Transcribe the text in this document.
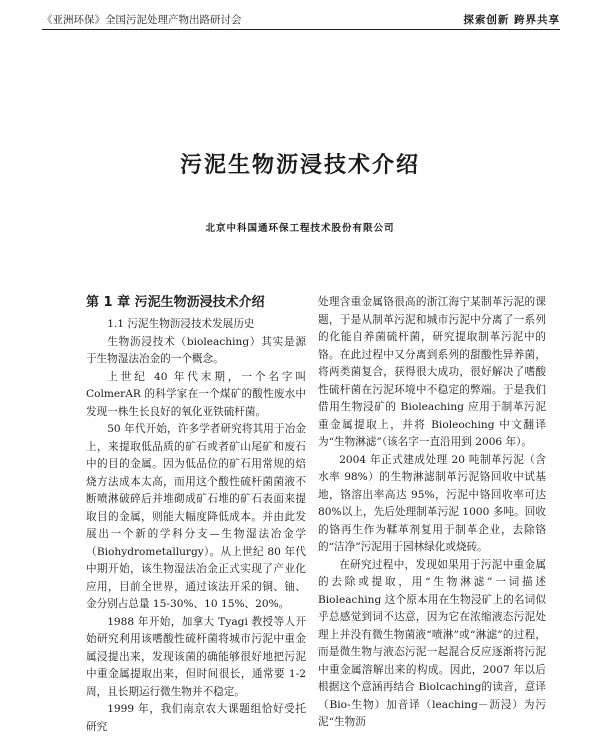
《亚洲环保》全国污泥处理产物出路研讨会	探索创新 跨界共享
污泥生物沥浸技术介绍
北京中科国通环保工程技术股份有限公司
第 1 章 污泥生物沥浸技术介绍
1.1 污泥生物沥浸技术发展历史

生物沥浸技术（bioleaching）其实是源于生物湿法冶金的一个概念。

上世纪 40 年代末期，一个名字叫 ColmerAR 的科学家在一个煤矿的酸性废水中发现一株生长良好的氧化亚铁硫杆菌。

50 年代开始，许多学者研究将其用于冶金上，来提取低品质的矿石或者矿山尾矿和废石中的目的金属。因为低品位的矿石用常规的焙烧方法成本太高，而用这个酸性硫杆菌菌液不断喷淋破碎后并堆砌成矿石堆的矿石表面来提取目的金属，则能大幅度降低成本。并由此发展出一个新的学科分支—生物湿法冶金学（Biohydrometallurgy）。从上世纪 80 年代中期开始，该生物湿法冶金正式实现了产业化应用，目前全世界，通过该法开采的铜、铀、金分别占总量 15-30%、10 15%、20%。

1988 年开始，加拿大 Tyagi 教授等人开始研究利用该嗜酸性硫杆菌将城市污泥中重金属浸提出来，发现该菌的确能够很好地把污泥中重金属提取出来，但时间很长，通常要 1-2 周，且长期运行微生物并不稳定。

1999 年，我们南京农大课题组恰好受托研究

处理含重金属铬很高的浙江海宁某制革污泥的课题，于是从制革污泥和城市污泥中分离了一系列的化能自养菌硫杆菌，研究提取制革污泥中的铬。在此过程中又分离到系列的甜酸性异养菌，将两类菌复合，获得很大成功，很好解决了嗜酸性硫杆菌在污泥环境中不稳定的弊端。于是我们借用生物浸矿的 Bioleaching 应用于制革污泥重金属提取上，并将 Bioleoching 中文翻译为“生物淋滤”（该名字一直沿用到 2006 年）。

2004 年正式建成处理 20 吨制革污泥（含水率 98%）的生物淋滤制革污泥铬回收中试基地，铬溶出率高达 95%，污泥中铬回收率可达 80%以上，先后处理制革污泥 1000 多吨。回收的铬再生作为鞣革剂复用于制革企业，去除铬的“洁净”污泥用于园林绿化或烧砖。

在研究过程中，发现如果用于污泥中重金属的去除或提取，用“生物淋滤”一词描述 Bioleaching 这个原本用在生物浸矿上的名词似乎总感觉到词不达意，因为它在浓缩液态污泥处理上并没有微生物菌液“喷淋”或“淋滤”的过程，而是微生物与液态污泥一起混合反应逐渐将污泥中重金属溶解出来的构成。因此，2007 年以后根据这个意涵再结合 Biolcaching的读音，意译（Bio-生物）加音译（leaching－沥浸）为污泥“生物沥
